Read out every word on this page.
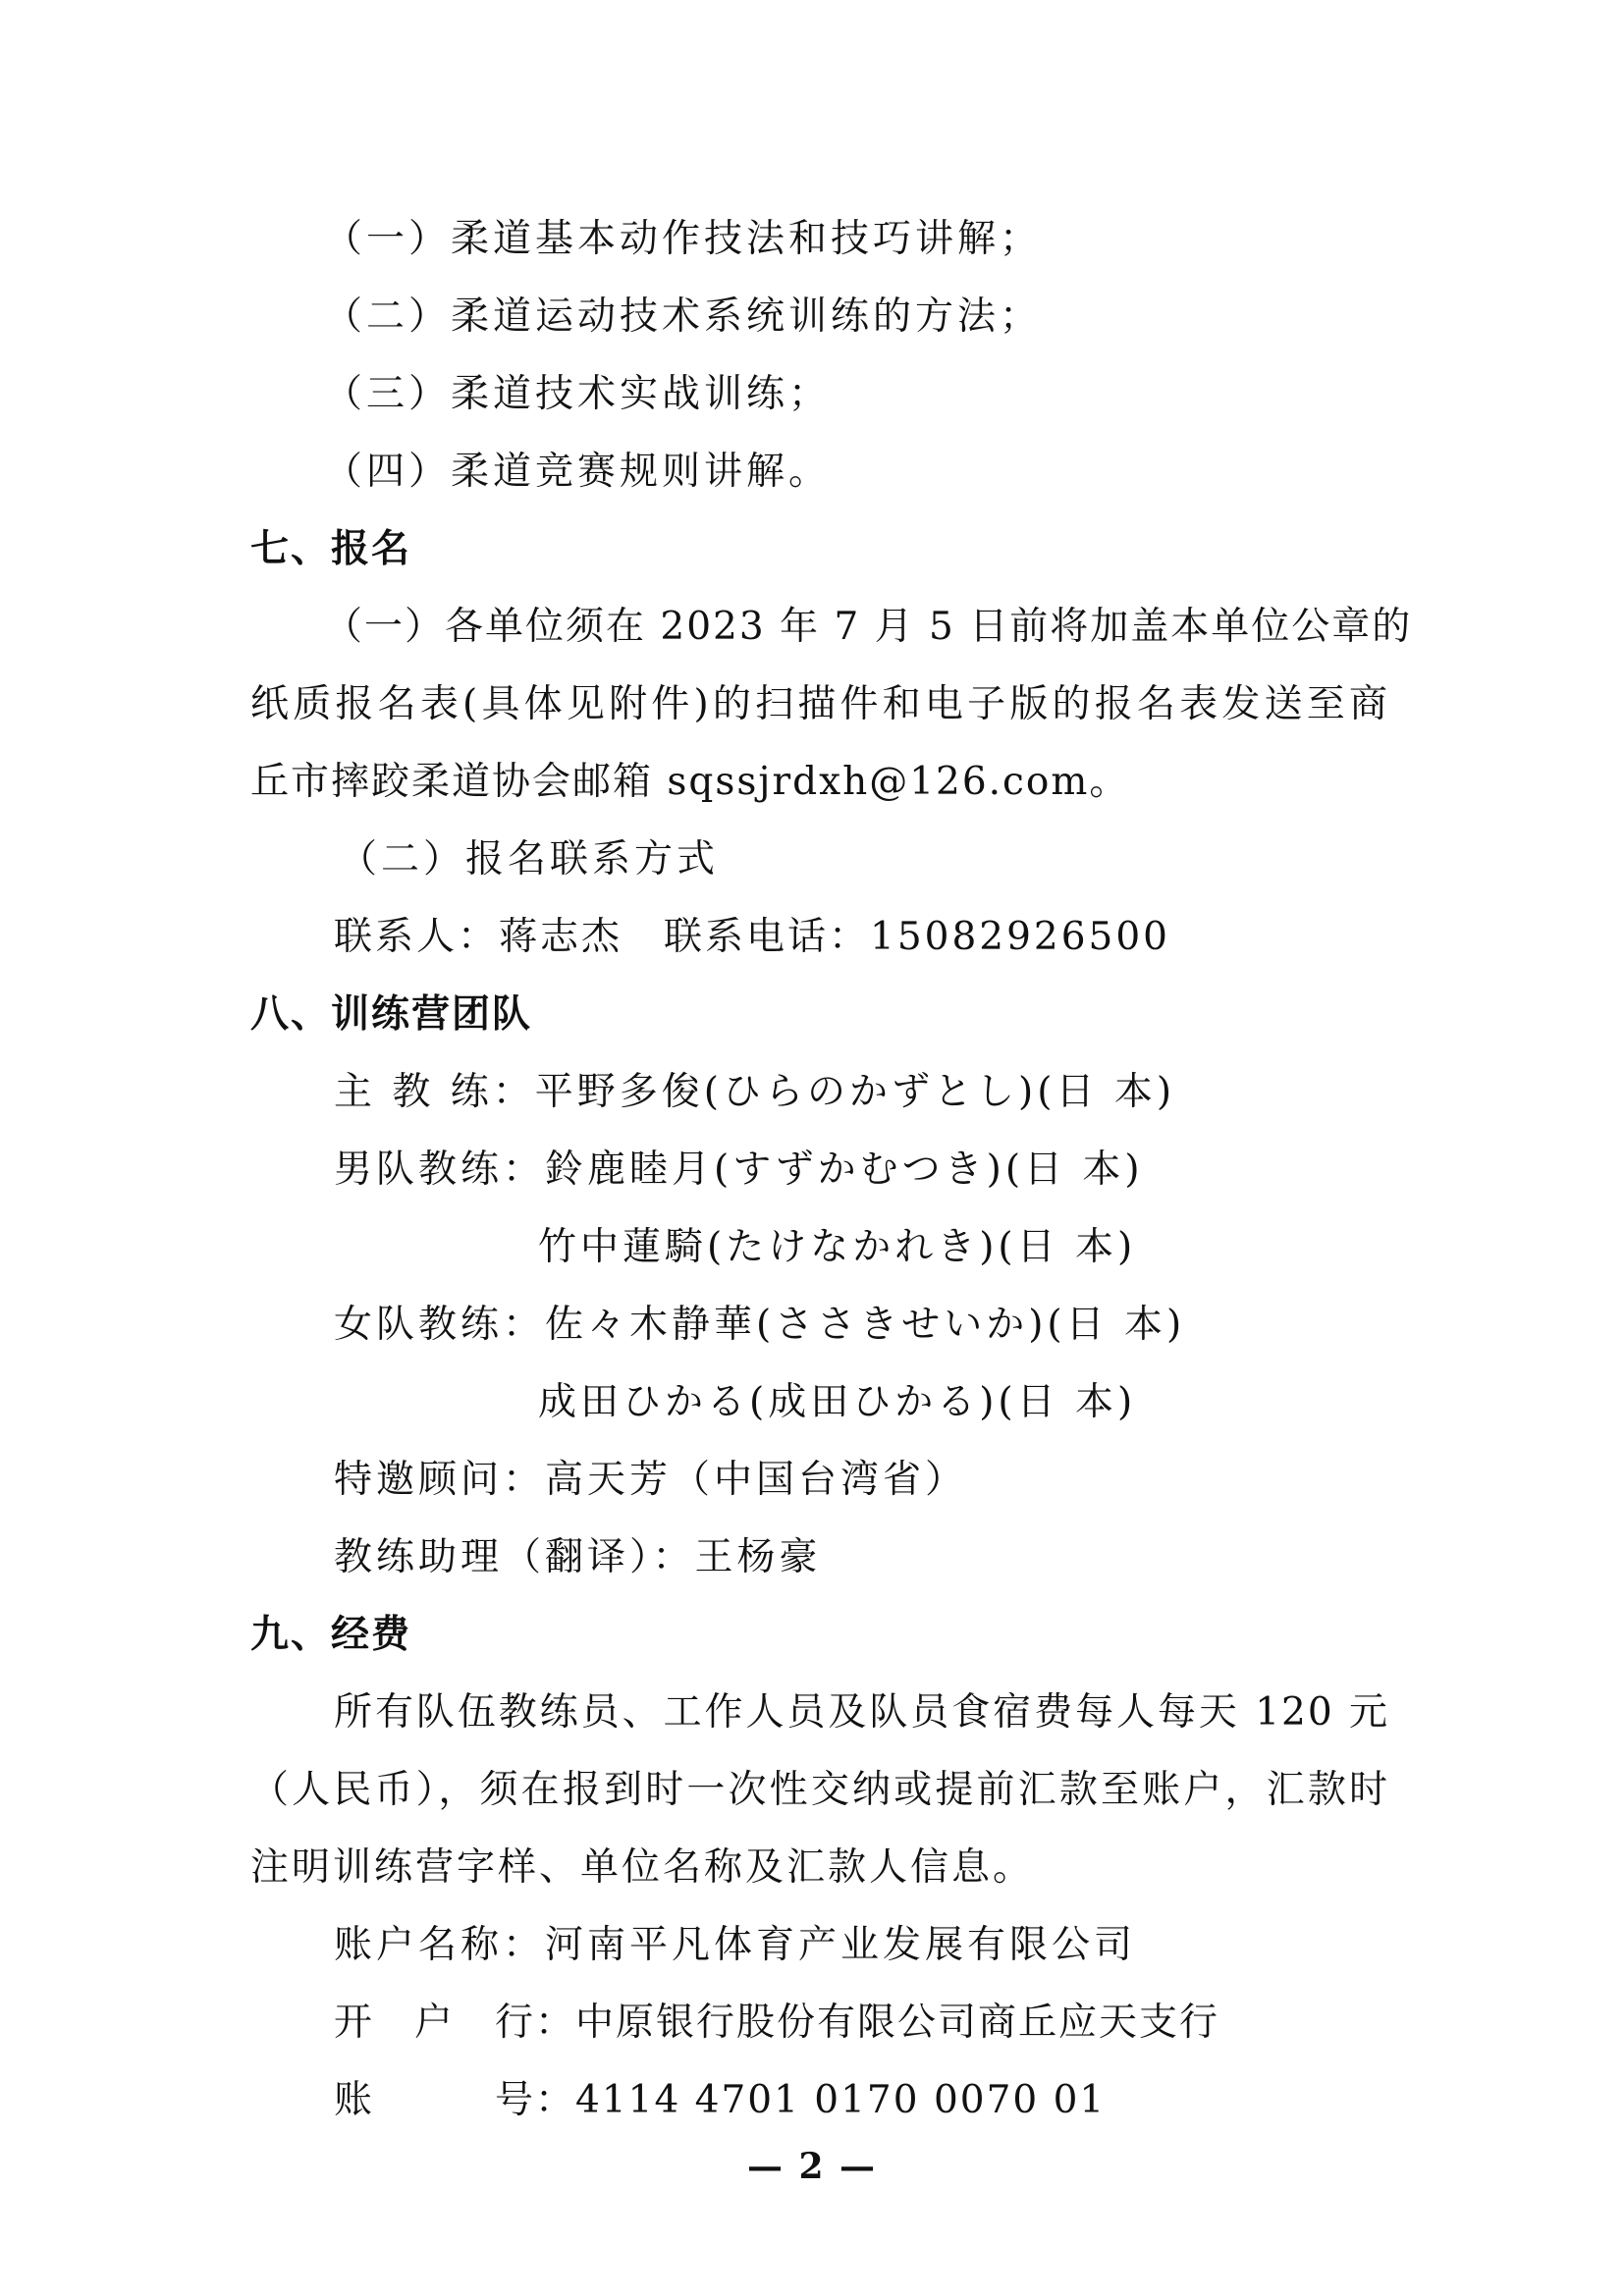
（一）柔道基本动作技法和技巧讲解；
（二）柔道运动技术系统训练的方法；
（三）柔道技术实战训练；
（四）柔道竞赛规则讲解。
七、报名
（一）各单位须在 2023 年 7 月 5 日前将加盖本单位公章的
纸质报名表(具体见附件)的扫描件和电子版的报名表发送至商
丘市摔跤柔道协会邮箱 sqssjrdxh@126.com。
（二）报名联系方式
联系人：蒋志杰　联系电话：15082926500
八、训练营团队
主 教 练：平野多俊(ひらのかずとし)(日 本)
男队教练：鈴鹿睦月(すずかむつき)(日 本)
竹中蓮騎(たけなかれき)(日 本)
女队教练：佐々木静華(ささきせいか)(日 本)
成田ひかる(成田ひかる)(日 本)
特邀顾问：高天芳（中国台湾省）
教练助理（翻译）：王杨豪
九、经费
所有队伍教练员、工作人员及队员食宿费每人每天 120 元
（人民币），须在报到时一次性交纳或提前汇款至账户，汇款时
注明训练营字样、单位名称及汇款人信息。
账户名称：河南平凡体育产业发展有限公司
开　户　行：中原银行股份有限公司商丘应天支行
账　　　号：4114 4701 0170 0070 01
— 2 —
